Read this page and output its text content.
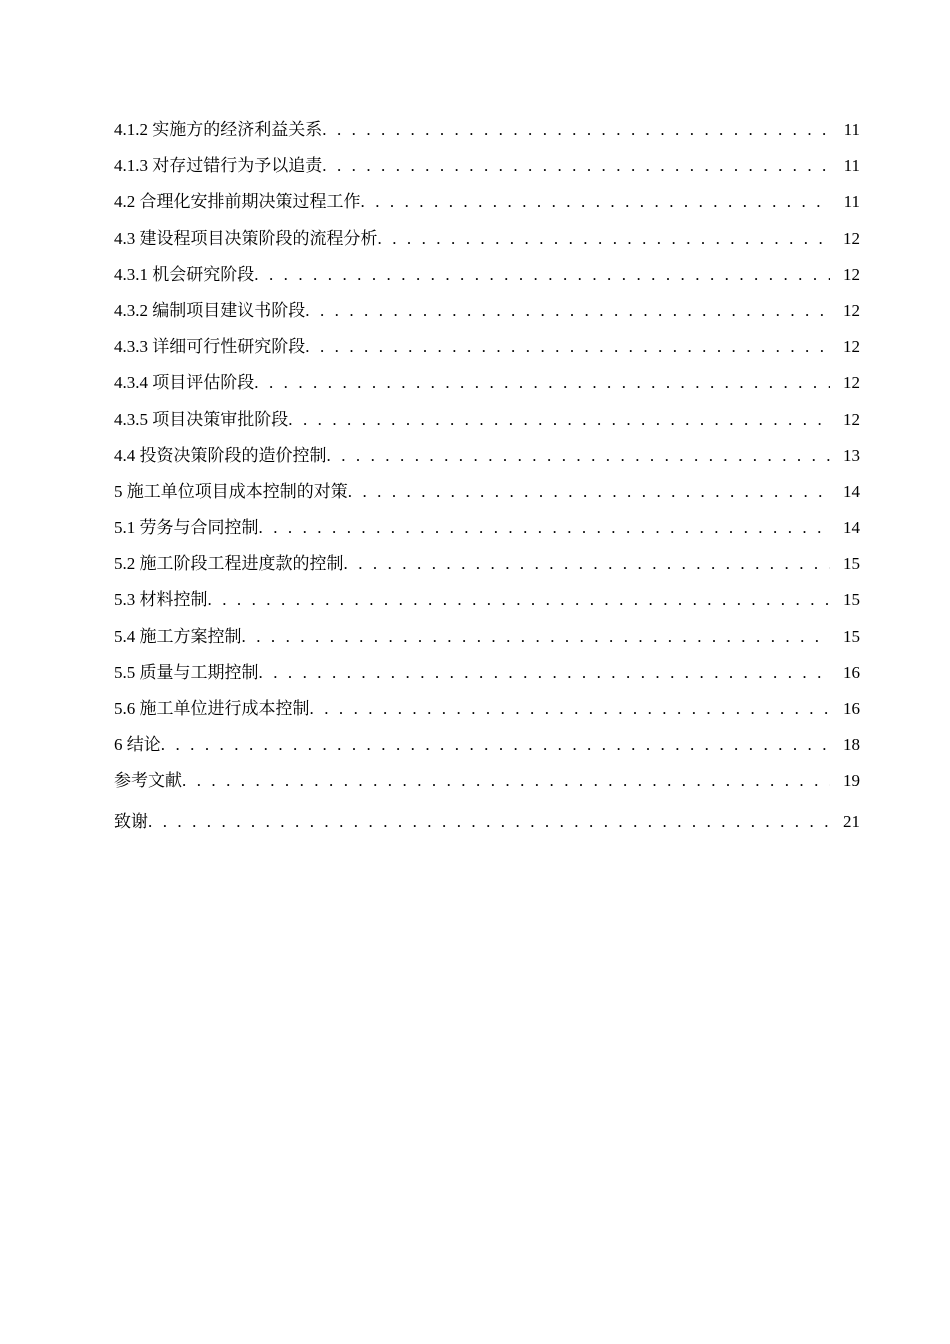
4.1.2 实施方的经济利益关系 . . .	11
4.1.3 对存过错行为予以追责 . . .	11
4.2 合理化安排前期决策过程工作 . . .	11
4.3 建设程项目决策阶段的流程分析 . . .	12
4.3.1 机会研究阶段 . . .	12
4.3.2 编制项目建议书阶段 . . .	12
4.3.3 详细可行性研究阶段 . . .	12
4.3.4 项目评估阶段 . . .	12
4.3.5 项目决策审批阶段 . . .	12
4.4 投资决策阶段的造价控制 . . .	13
5 施工单位项目成本控制的对策 . . .	14
5.1 劳务与合同控制 . . .	14
5.2 施工阶段工程进度款的控制 . . .	15
5.3 材料控制 . . .	15
5.4 施工方案控制 . . .	15
5.5 质量与工期控制 . . .	16
5.6 施工单位进行成本控制 . . .	16
6 结论 . . .	18
参考文献 . . .	19
致谢 . . .	21
